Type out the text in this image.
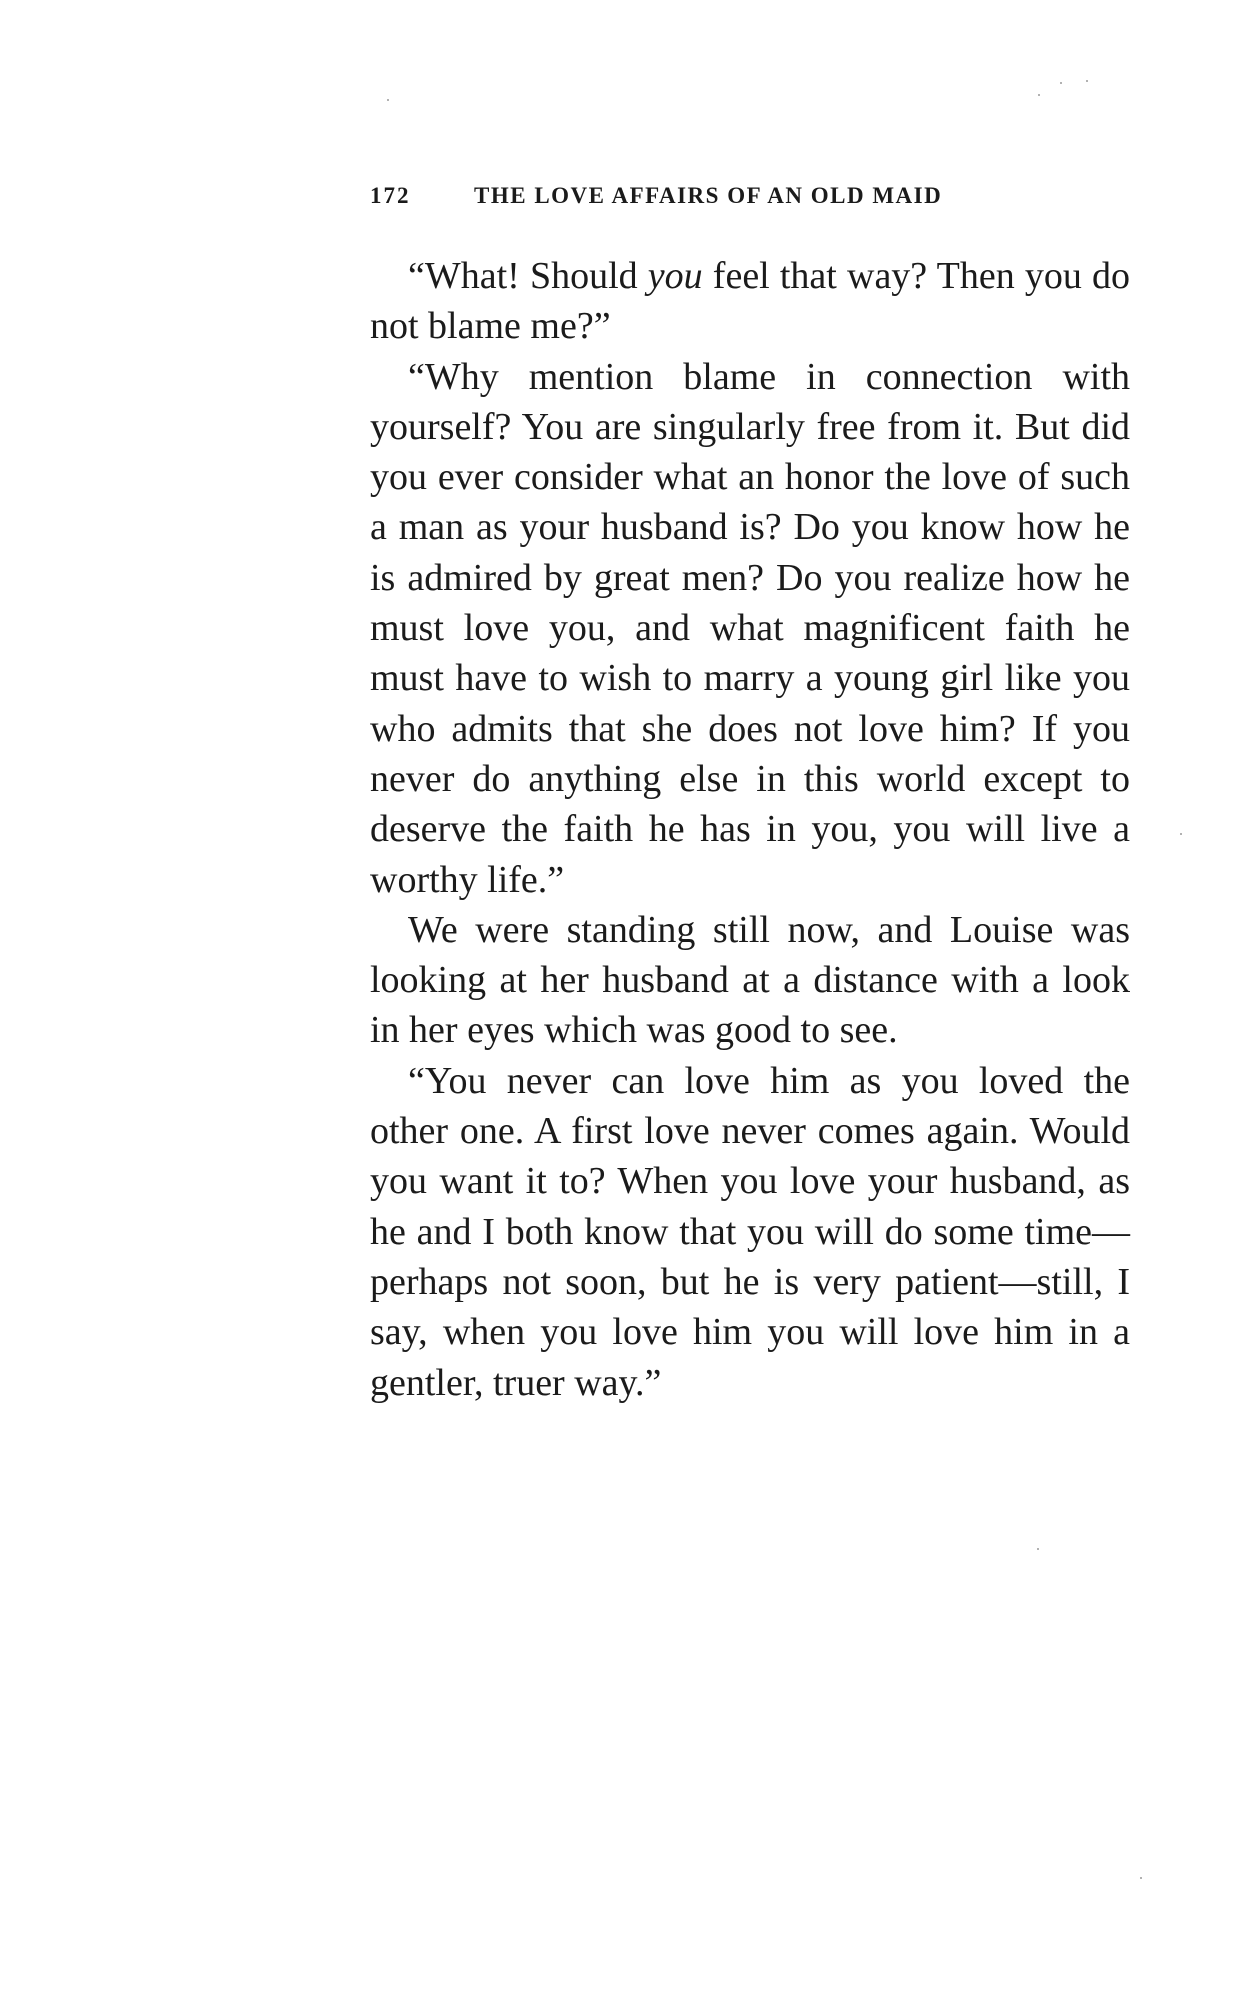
172	THE LOVE AFFAIRS OF AN OLD MAID

“What! Should you feel that way? Then you do not blame me?”

“Why mention blame in connection with yourself? You are singularly free from it. But did you ever consider what an honor the love of such a man as your husband is? Do you know how he is admired by great men? Do you realize how he must love you, and what magnificent faith he must have to wish to marry a young girl like you who admits that she does not love him? If you never do anything else in this world except to deserve the faith he has in you, you will live a worthy life.”

We were standing still now, and Louise was looking at her husband at a distance with a look in her eyes which was good to see.

“You never can love him as you loved the other one. A first love never comes again. Would you want it to? When you love your husband, as he and I both know that you will do some time—perhaps not soon, but he is very patient—still, I say, when you love him you will love him in a gentler, truer way.”
